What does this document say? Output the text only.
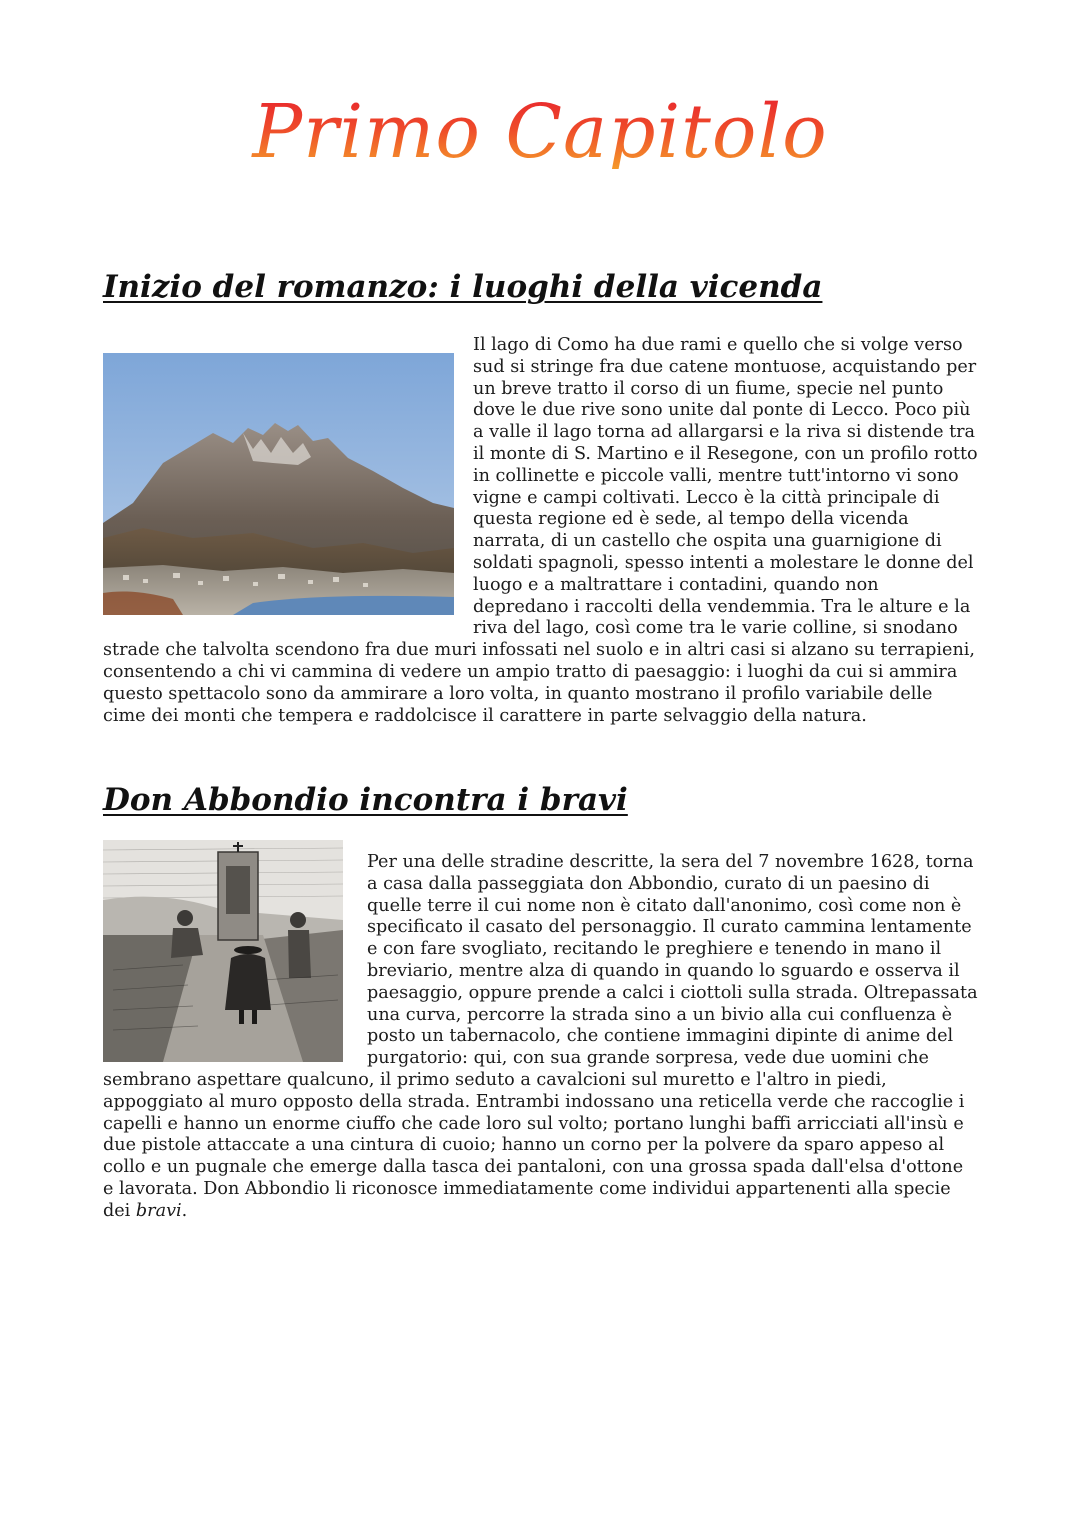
Primo Capitolo
Inizio del romanzo: i luoghi della vicenda

Il lago di Como ha due rami e quello che si volge verso sud si stringe fra due catene montuose, acquistando per un breve tratto il corso di un fiume, specie nel punto dove le due rive sono unite dal ponte di Lecco. Poco più a valle il lago torna ad allargarsi e la riva si distende tra il monte di S. Martino e il Resegone, con un profilo rotto in collinette e piccole valli, mentre tutt'intorno vi sono vigne e campi coltivati. Lecco è la città principale di questa regione ed è sede, al tempo della vicenda narrata, di un castello che ospita una guarnigione di soldati spagnoli, spesso intenti a molestare le donne del luogo e a maltrattare i contadini, quando non depredano i raccolti della vendemmia. Tra le alture e la riva del lago, così come tra le varie colline, si snodano strade che talvolta scendono fra due muri infossati nel suolo e in altri casi si alzano su terrapieni, consentendo a chi vi cammina di vedere un ampio tratto di paesaggio: i luoghi da cui si ammira questo spettacolo sono da ammirare a loro volta, in quanto mostrano il profilo variabile delle cime dei monti che tempera e raddolcisce il carattere in parte selvaggio della natura.

Don Abbondio incontra i bravi

Per una delle stradine descritte, la sera del 7 novembre 1628, torna a casa dalla passeggiata don Abbondio, curato di un paesino di quelle terre il cui nome non è citato dall'anonimo, così come non è specificato il casato del personaggio. Il curato cammina lentamente e con fare svogliato, recitando le preghiere e tenendo in mano il breviario, mentre alza di quando in quando lo sguardo e osserva il paesaggio, oppure prende a calci i ciottoli sulla strada. Oltrepassata una curva, percorre la strada sino a un bivio alla cui confluenza è posto un tabernacolo, che contiene immagini dipinte di anime del purgatorio: qui, con sua grande sorpresa, vede due uomini che sembrano aspettare qualcuno, il primo seduto a cavalcioni sul muretto e l'altro in piedi, appoggiato al muro opposto della strada. Entrambi indossano una reticella verde che raccoglie i capelli e hanno un enorme ciuffo che cade loro sul volto; portano lunghi baffi arricciati all'insù e due pistole attaccate a una cintura di cuoio; hanno un corno per la polvere da sparo appeso al collo e un pugnale che emerge dalla tasca dei pantaloni, con una grossa spada dall'elsa d'ottone e lavorata. Don Abbondio li riconosce immediatamente come individui appartenenti alla specie dei bravi.
